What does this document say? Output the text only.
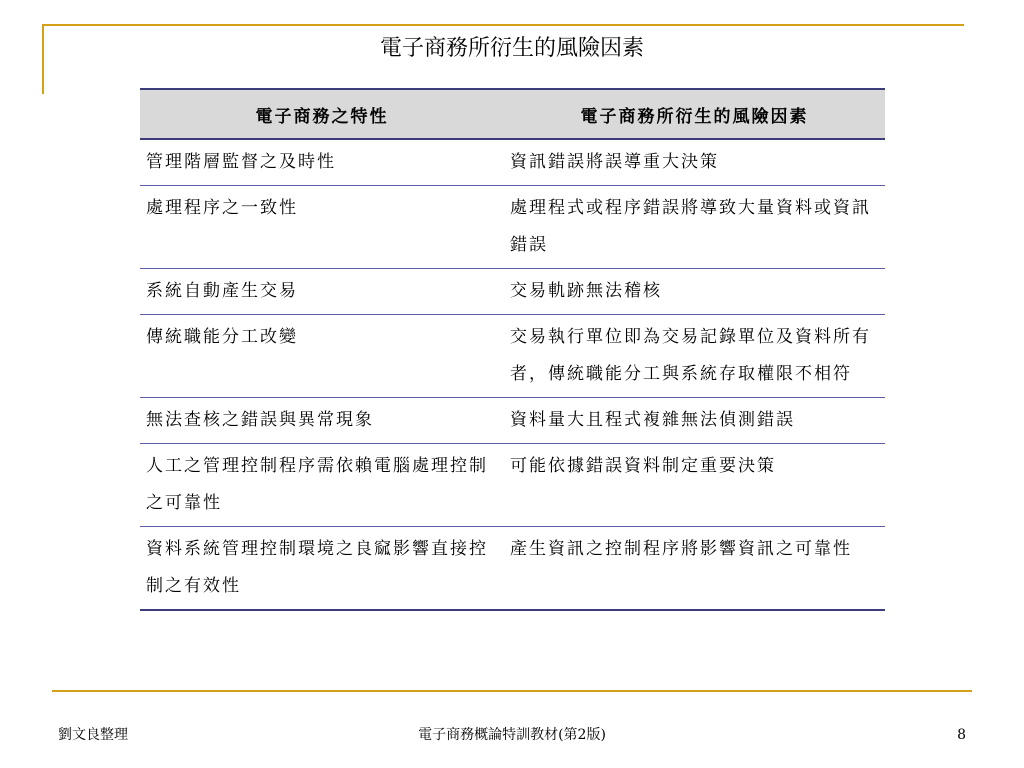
電子商務所衍生的風險因素
電子商務之特性	電子商務所衍生的風險因素
管理階層監督之及時性	資訊錯誤將誤導重大決策
處理程序之一致性	處理程式或程序錯誤將導致大量資料或資訊錯誤
系統自動產生交易	交易軌跡無法稽核
傳統職能分工改變	交易執行單位即為交易記錄單位及資料所有者，傳統職能分工與系統存取權限不相符
無法查核之錯誤與異常現象	資料量大且程式複雜無法偵測錯誤
人工之管理控制程序需依賴電腦處理控制之可靠性	可能依據錯誤資料制定重要決策
資料系統管理控制環境之良窳影響直接控制之有效性	產生資訊之控制程序將影響資訊之可靠性
劉文良整理	電子商務概論特訓教材(第2版)	8
